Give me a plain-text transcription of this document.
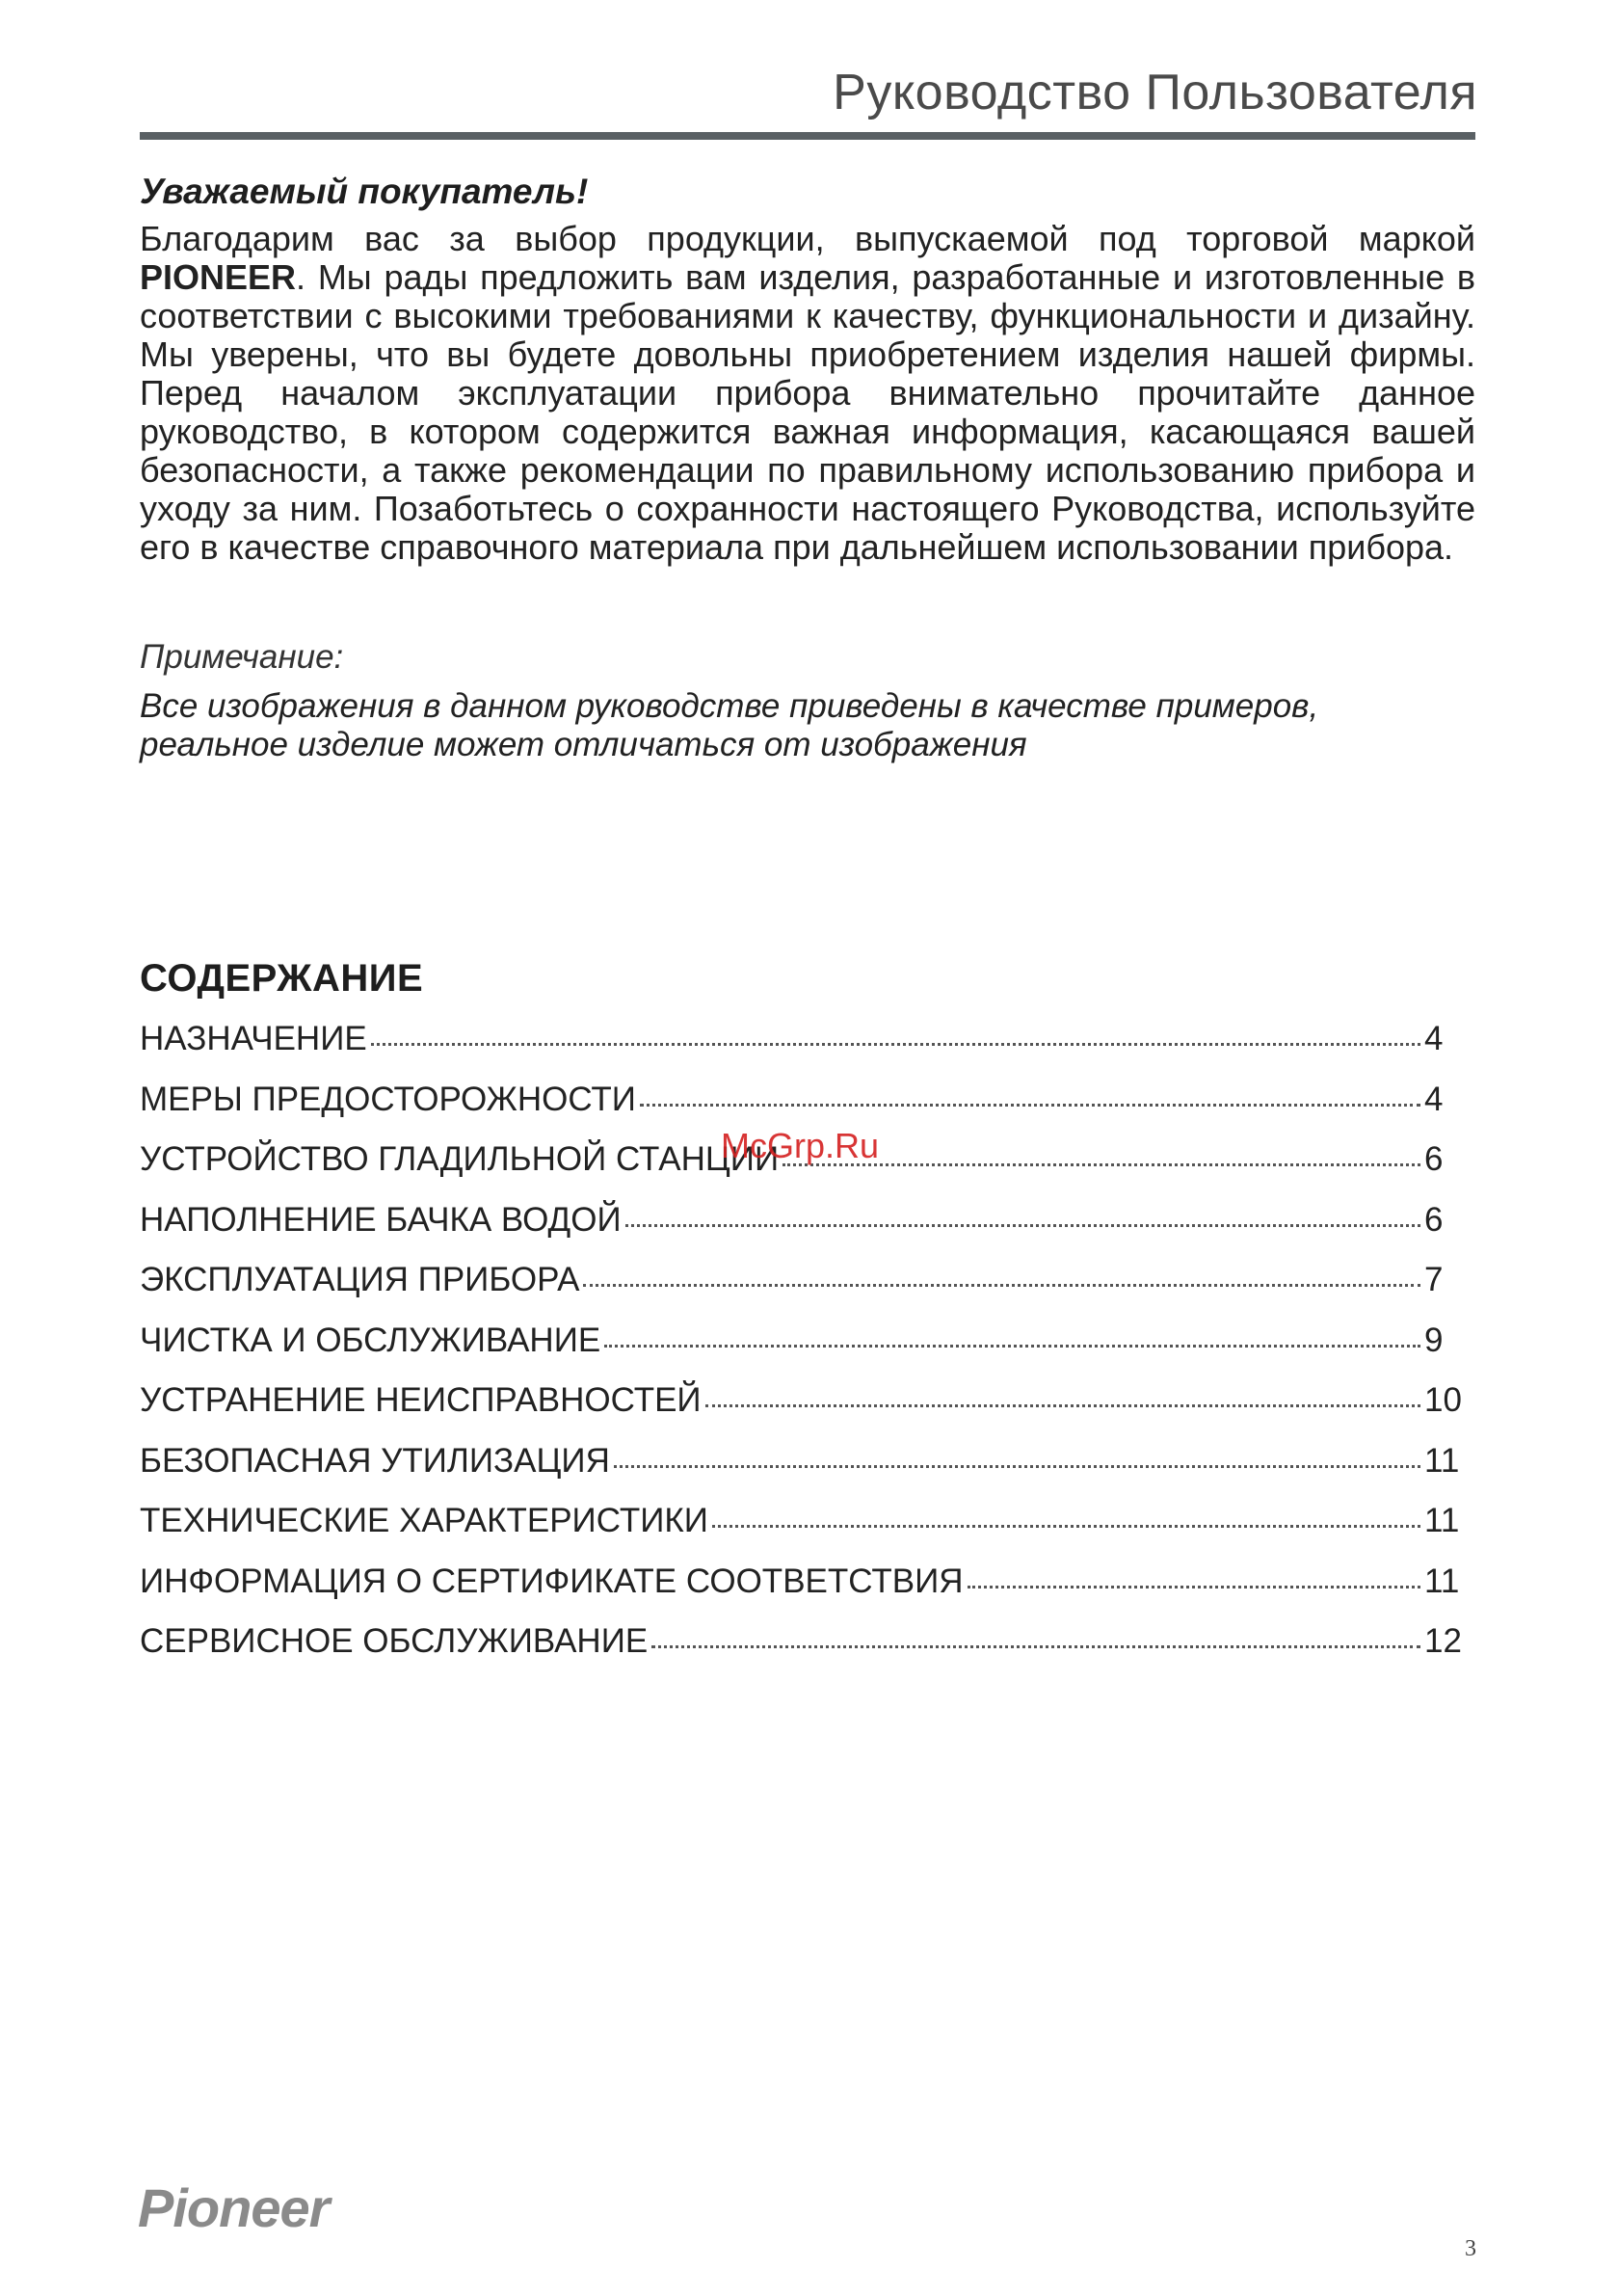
Руководство Пользователя
Уважаемый покупатель!
Благодарим вас за выбор продукции, выпускаемой под торговой маркой PIONEER. Мы рады предложить вам изделия, разработанные и изготовленные в соответствии с высокими требованиями к качеству, функциональности и дизайну. Мы уверены, что вы будете довольны приобретением изделия нашей фирмы. Перед началом эксплуатации прибора внимательно прочитайте данное руководство, в котором содержится важная информация, касающаяся вашей безопасности, а также рекомендации по правильному использованию прибора и уходу за ним. Позаботьтесь о сохранности настоящего Руководства, используйте его в качестве справочного материала при дальнейшем использовании прибора.
Примечание:
Все изображения в данном руководстве приведены в качестве примеров, реальное изделие может отличаться от изображения
СОДЕРЖАНИЕ
НАЗНАЧЕНИЕ	4
МЕРЫ ПРЕДОСТОРОЖНОСТИ	4
УСТРОЙСТВО ГЛАДИЛЬНОЙ СТАНЦИИ	6
НАПОЛНЕНИЕ БАЧКА ВОДОЙ	6
ЭКСПЛУАТАЦИЯ ПРИБОРА	7
ЧИСТКА И ОБСЛУЖИВАНИЕ	9
УСТРАНЕНИЕ НЕИСПРАВНОСТЕЙ	10
БЕЗОПАСНАЯ УТИЛИЗАЦИЯ	11
ТЕХНИЧЕСКИЕ ХАРАКТЕРИСТИКИ	11
ИНФОРМАЦИЯ О СЕРТИФИКАТЕ СООТВЕТСТВИЯ	11
СЕРВИСНОЕ ОБСЛУЖИВАНИЕ	12
McGrp.Ru
Pioneer
3
